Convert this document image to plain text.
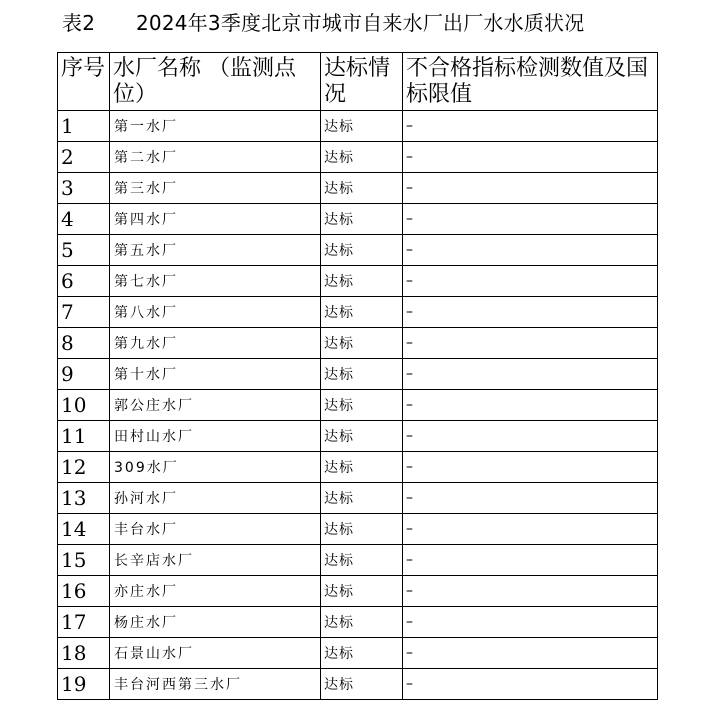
表2 2024年3季度北京市城市自来水厂出厂水水质状况
序号	水厂名称 （监测点位）	达标情况	不合格指标检测数值及国标限值
1	第一水厂	达标	–
2	第二水厂	达标	–
3	第三水厂	达标	–
4	第四水厂	达标	–
5	第五水厂	达标	–
6	第七水厂	达标	–
7	第八水厂	达标	–
8	第九水厂	达标	–
9	第十水厂	达标	–
10	郭公庄水厂	达标	–
11	田村山水厂	达标	–
12	309水厂	达标	–
13	孙河水厂	达标	–
14	丰台水厂	达标	–
15	长辛店水厂	达标	–
16	亦庄水厂	达标	–
17	杨庄水厂	达标	–
18	石景山水厂	达标	–
19	丰台河西第三水厂	达标	–
